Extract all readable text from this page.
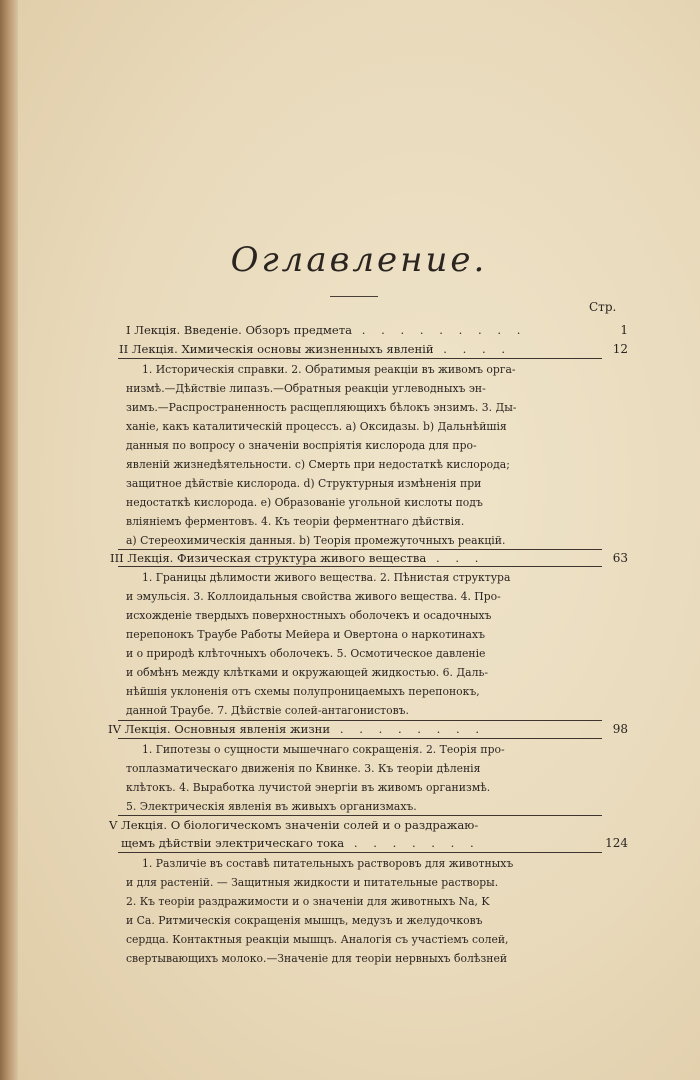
Оглавление.
Стр.
I Лекція. Введеніе. Обзоръ предмета . . . . . . . . .	1
II Лекція. Химическія основы жизненныхъ явленій . . . .	12
1. Историческія справки. 2. Обратимыя реакціи въ живомъ орга-
низмѣ.—Дѣйствіе липазъ.—Обратныя реакціи углеводныхъ эн-
зимъ.—Распространенность расщепляющихъ бѣлокъ энзимъ. 3. Ды-
ханіе, какъ каталитическій процессъ. a) Оксидазы. b) Дальнѣйшія
данныя по вопросу о значеніи воспріятія кислорода для про-
явленій жизнедѣятельности. c) Смерть при недостаткѣ кислорода;
защитное дѣйствіе кислорода. d) Структурныя измѣненія при
недостаткѣ кислорода. e) Образованіе угольной кислоты подъ
вліяніемъ ферментовъ. 4. Къ теоріи ферментнаго дѣйствія.
a) Стереохимическія данныя. b) Теорія промежуточныхъ реакцій.
III Лекція. Физическая структура живого вещества . . .	63
1. Границы дѣлимости живого вещества. 2. Пѣнистая структура
и эмульсія. 3. Коллоидальныя свойства живого вещества. 4. Про-
исхожденіе твердыхъ поверхностныхъ оболочекъ и осадочныхъ
перепонокъ Траубе Работы Мейера и Овертона о наркотинахъ
и о природѣ клѣточныхъ оболочекъ. 5. Осмотическое давленіе
и обмѣнъ между клѣтками и окружающей жидкостью. 6. Даль-
нѣйшія уклоненія отъ схемы полупроницаемыхъ перепонокъ,
данной Траубе. 7. Дѣйствіе солей-антагонистовъ.
IV Лекція. Основныя явленія жизни . . . . . . . .	98
1. Гипотезы о сущности мышечнаго сокращенія. 2. Теорія про-
топлазматическаго движенія по Квинке. 3. Къ теоріи дѣленія
клѣтокъ. 4. Выработка лучистой энергіи въ живомъ организмѣ.
5. Электрическія явленія въ живыхъ организмахъ.
V Лекція. О біологическомъ значеніи солей и о раздражаю-
щемъ дѣйствіи электрическаго тока . . . . . . .	124
1. Различіе въ составѣ питательныхъ растворовъ для животныхъ
и для растеній. — Защитныя жидкости и питательные растворы.
2. Къ теоріи раздражимости и о значеніи для животныхъ Na, K
и Ca. Ритмическія сокращенія мышцъ, медузъ и желудочковъ
сердца. Контактныя реакціи мышцъ. Аналогія съ участіемъ солей,
свертывающихъ молоко.—Значеніе для теоріи нервныхъ болѣзней
